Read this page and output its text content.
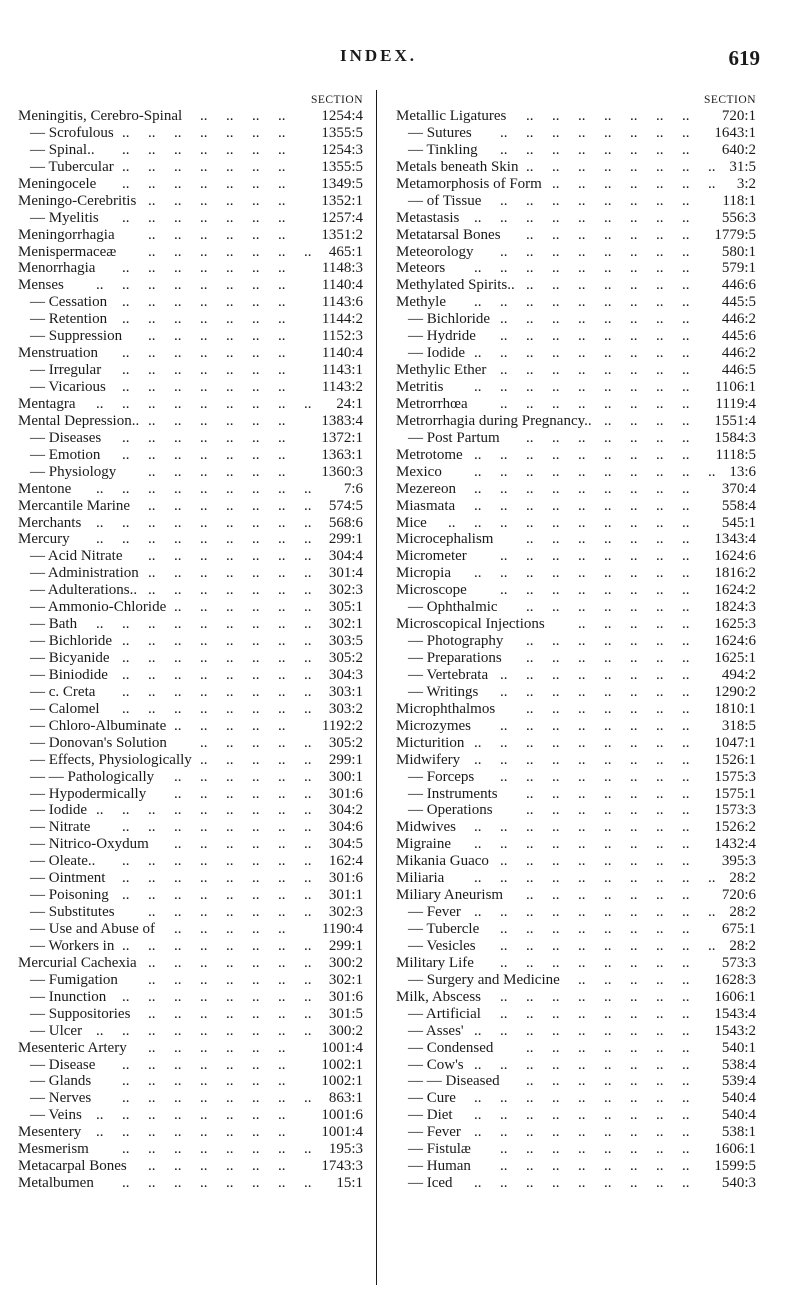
INDEX.	619
SECTION
Meningitis, Cerebro-Spinal ..	..	..	..	1254:4
— Scrofulous ..	..	..	..	..	..	..	1355:5
— Spinal.. ..	..	..	..	..	..	..	1254:3
— Tubercular ..	..	..	..	..	..	..	1355:5
Meningocele ..	..	..	..	..	..	..	1349:5
Meningo-Cerebritis ..	..	..	..	..	..	1352:1
— Myelitis ..	..	..	..	..	..	..	1257:4
Meningorrhagia ..	..	..	..	..	..	1351:2
Menispermaceæ ..	..	..	..	..	..	..	465:1
Menorrhagia ..	..	..	..	..	..	..	1148:3
Menses ..	..	..	..	..	..	..	..	1140:4
— Cessation ..	..	..	..	..	..	..	1143:6
— Retention ..	..	..	..	..	..	..	1144:2
— Suppression ..	..	..	..	..	..	1152:3
Menstruation ..	..	..	..	..	..	..	1140:4
— Irregular ..	..	..	..	..	..	..	1143:1
— Vicarious ..	..	..	..	..	..	..	1143:2
Mentagra ..	..	..	..	..	..	..	..	..	24:1
Mental Depression.. ..	..	..	..	..	..	1383:4
— Diseases ..	..	..	..	..	..	..	1372:1
— Emotion ..	..	..	..	..	..	..	1363:1
— Physiology ..	..	..	..	..	..	1360:3
Mentone ..	..	..	..	..	..	..	..	..	7:6
Mercantile Marine ..	..	..	..	..	..	..	574:5
Merchants ..	..	..	..	..	..	..	..	..	568:6
Mercury ..	..	..	..	..	..	..	..	..	299:1
— Acid Nitrate ..	..	..	..	..	..	..	304:4
— Administration ..	..	..	..	..	..	..	301:4
— Adulterations.. ..	..	..	..	..	..	..	302:3
— Ammonio-Chloride ..	..	..	..	..	..	305:1
— Bath ..	..	..	..	..	..	..	..	..	302:1
— Bichloride ..	..	..	..	..	..	..	..	303:5
— Bicyanide ..	..	..	..	..	..	..	..	305:2
— Biniodide ..	..	..	..	..	..	..	..	304:3
— c. Creta ..	..	..	..	..	..	..	..	303:1
— Calomel ..	..	..	..	..	..	..	..	303:2
— Chloro-Albuminate ..	..	..	..	..	1192:2
— Donovan's Solution ..	..	..	..	..	305:2
— Effects, Physiologically ..	..	..	..	..	299:1
— — Pathologically ..	..	..	..	..	..	300:1
— Hypodermically ..	..	..	..	..	..	301:6
— Iodide ..	..	..	..	..	..	..	..	..	304:2
— Nitrate ..	..	..	..	..	..	..	..	304:6
— Nitrico-Oxydum ..	..	..	..	..	..	304:5
— Oleate.. ..	..	..	..	..	..	..	..	162:4
— Ointment ..	..	..	..	..	..	..	..	301:6
— Poisoning ..	..	..	..	..	..	..	..	301:1
— Substitutes ..	..	..	..	..	..	..	302:3
— Use and Abuse of ..	..	..	..	..	1190:4
— Workers in ..	..	..	..	..	..	..	..	299:1
Mercurial Cachexia ..	..	..	..	..	..	..	300:2
— Fumigation ..	..	..	..	..	..	..	302:1
— Inunction ..	..	..	..	..	..	..	..	301:6
— Suppositories ..	..	..	..	..	..	..	301:5
— Ulcer ..	..	..	..	..	..	..	..	..	300:2
Mesenteric Artery ..	..	..	..	..	..	1001:4
— Disease ..	..	..	..	..	..	..	1002:1
— Glands ..	..	..	..	..	..	..	1002:1
— Nerves ..	..	..	..	..	..	..	..	863:1
— Veins ..	..	..	..	..	..	..	..	1001:6
Mesentery ..	..	..	..	..	..	..	..	1001:4
Mesmerism ..	..	..	..	..	..	..	..	195:3
Metacarpal Bones ..	..	..	..	..	..	1743:3
Metalbumen ..	..	..	..	..	..	..	..	15:1
SECTION
Metallic Ligatures ..	..	..	..	..	..	..	720:1
— Sutures ..	..	..	..	..	..	..	..	1643:1
— Tinkling ..	..	..	..	..	..	..	..	640:2
Metals beneath Skin ..	..	..	..	..	..	..	.. 31:5
Metamorphosis of Form ..	..	..	..	..	..	..	3:2
— of Tissue ..	..	..	..	..	..	..	..	118:1
Metastasis ..	..	..	..	..	..	..	..	..	556:3
Metatarsal Bones ..	..	..	..	..	..	..	1779:5
Meteorology ..	..	..	..	..	..	..	..	580:1
Meteors ..	..	..	..	..	..	..	..	..	579:1
Methylated Spirits.. ..	..	..	..	..	..	..	446:6
Methyle ..	..	..	..	..	..	..	..	..	445:5
— Bichloride ..	..	..	..	..	..	..	..	446:2
— Hydride ..	..	..	..	..	..	..	..	445:6
— Iodide ..	..	..	..	..	..	..	..	..	446:2
Methylic Ether ..	..	..	..	..	..	..	..	446:5
Metritis ..	..	..	..	..	..	..	..	..	1106:1
Metrorrhœa ..	..	..	..	..	..	..	..	1119:4
Metrorrhagia during Pregnancy.. ..	..	..	..	1551:4
— Post Partum ..	..	..	..	..	..	..	1584:3
Metrotome ..	..	..	..	..	..	..	..	..	1118:5
Mexico ..	..	..	..	..	..	..	..	..	.. 13:6
Mezereon ..	..	..	..	..	..	..	..	..	370:4
Miasmata ..	..	..	..	..	..	..	..	..	558:4
Mice ..	..	..	..	..	..	..	..	..	..	545:1
Microcephalism ..	..	..	..	..	..	..	1343:4
Micrometer ..	..	..	..	..	..	..	..	1624:6
Micropia ..	..	..	..	..	..	..	..	..	1816:2
Microscope ..	..	..	..	..	..	..	..	1624:2
— Ophthalmic ..	..	..	..	..	..	..	1824:3
Microscopical Injections ..	..	..	..	..	1625:3
— Photography ..	..	..	..	..	..	..	1624:6
— Preparations ..	..	..	..	..	..	..	1625:1
— Vertebrata ..	..	..	..	..	..	..	..	494:2
— Writings ..	..	..	..	..	..	..	..	1290:2
Microphthalmos ..	..	..	..	..	..	..	1810:1
Microzymes ..	..	..	..	..	..	..	..	318:5
Micturition ..	..	..	..	..	..	..	..	..	1047:1
Midwifery ..	..	..	..	..	..	..	..	..	1526:1
— Forceps ..	..	..	..	..	..	..	..	1575:3
— Instruments ..	..	..	..	..	..	..	1575:1
— Operations ..	..	..	..	..	..	..	1573:3
Midwives ..	..	..	..	..	..	..	..	..	1526:2
Migraine ..	..	..	..	..	..	..	..	..	1432:4
Mikania Guaco ..	..	..	..	..	..	..	..	395:3
Miliaria ..	..	..	..	..	..	..	..	..	.. 28:2
Miliary Aneurism ..	..	..	..	..	..	..	720:6
— Fever ..	..	..	..	..	..	..	..	..	.. 28:2
— Tubercle ..	..	..	..	..	..	..	..	675:1
— Vesicles ..	..	..	..	..	..	..	..	.. 28:2
Military Life ..	..	..	..	..	..	..	..	573:3
— Surgery and Medicine ..	..	..	..	..	1628:3
Milk, Abscess ..	..	..	..	..	..	..	..	1606:1
— Artificial ..	..	..	..	..	..	..	..	1543:4
— Asses' ..	..	..	..	..	..	..	..	..	1543:2
— Condensed ..	..	..	..	..	..	..	540:1
— Cow's ..	..	..	..	..	..	..	..	..	538:4
— — Diseased ..	..	..	..	..	..	..	539:4
— Cure ..	..	..	..	..	..	..	..	..	540:4
— Diet ..	..	..	..	..	..	..	..	..	540:4
— Fever ..	..	..	..	..	..	..	..	..	538:1
— Fistulæ ..	..	..	..	..	..	..	..	1606:1
— Human ..	..	..	..	..	..	..	..	1599:5
— Iced ..	..	..	..	..	..	..	..	..	540:3
